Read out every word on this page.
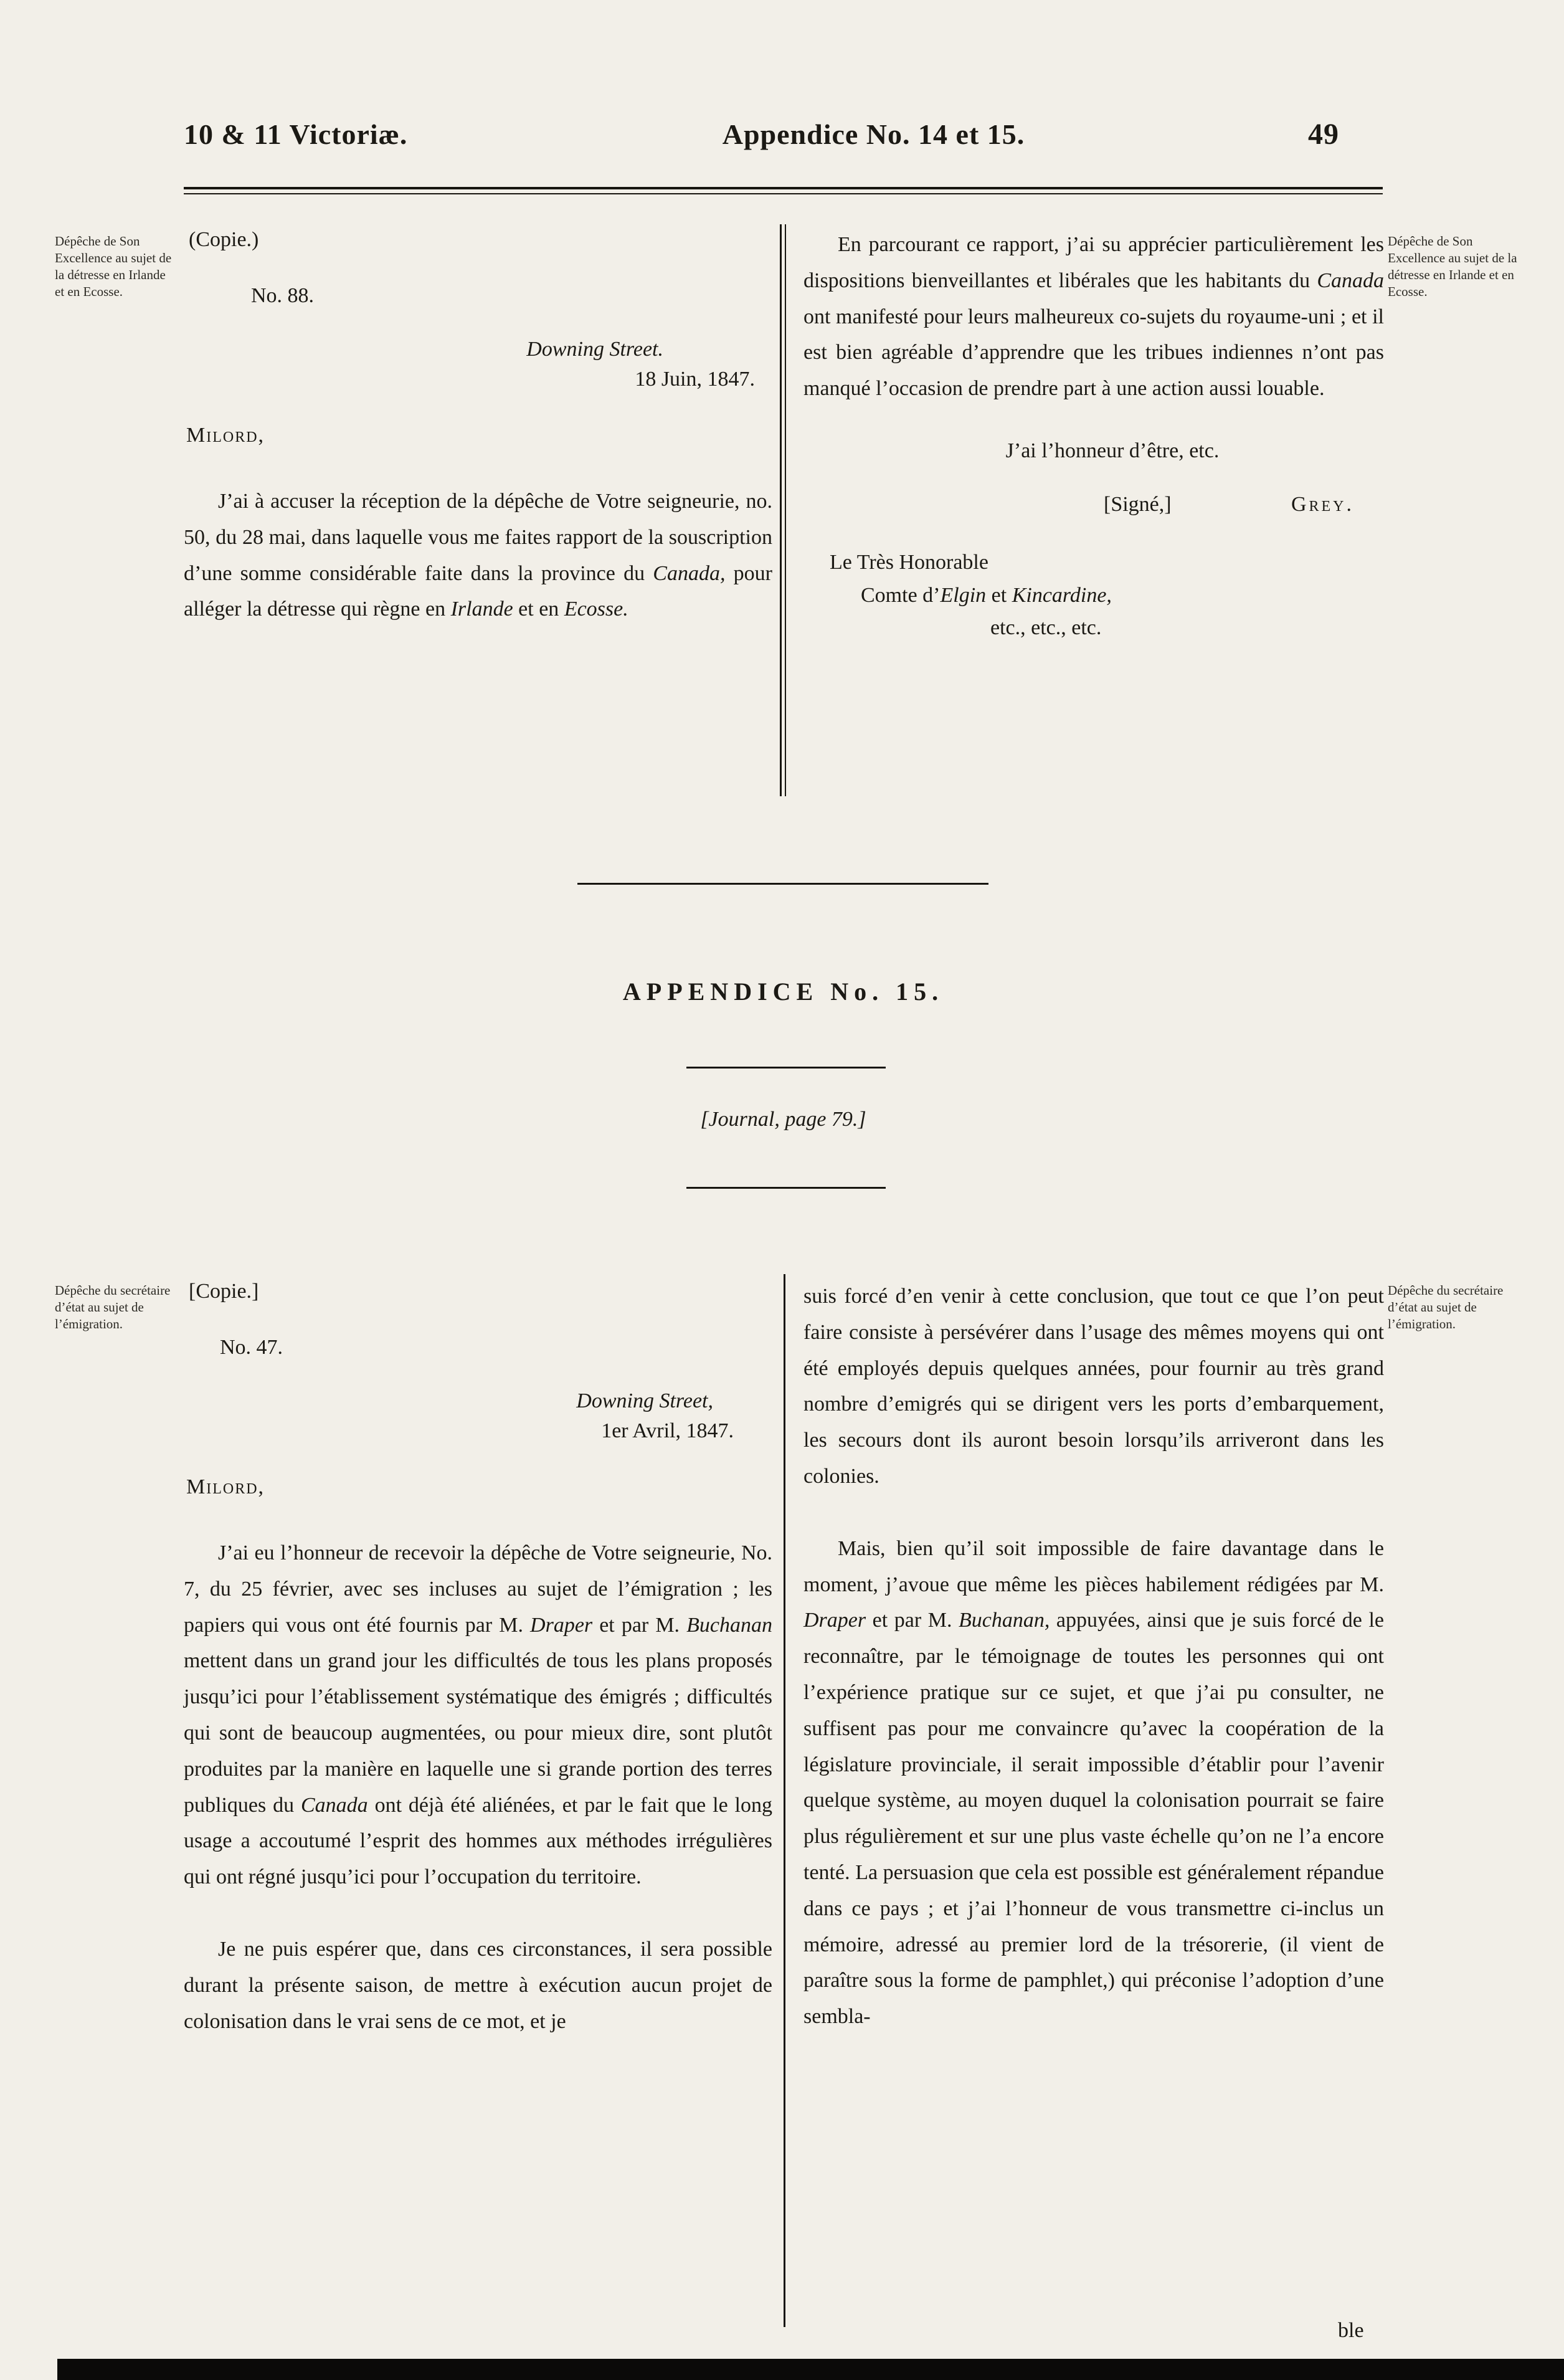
10 & 11 Victoriæ.	Appendice No. 14 et 15.	49
Dépêche de Son Excellence au sujet de la détresse en Irlande et en Ecosse.
(Copie.)
No. 88.
Downing Street.
18 Juin, 1847.
Milord,
J’ai à accuser la réception de la dépêche de Votre seigneurie, no. 50, du 28 mai, dans laquelle vous me faites rapport de la souscription d’une somme considérable faite dans la province du Canada, pour alléger la détresse qui règne en Irlande et en Ecosse.
En parcourant ce rapport, j’ai su apprécier particulièrement les dispositions bienveillantes et libérales que les habitants du Canada ont manifesté pour leurs malheureux co-sujets du royaume-uni ; et il est bien agréable d’apprendre que les tribues indiennes n’ont pas manqué l’occasion de prendre part à une action aussi louable.
J’ai l’honneur d’être, etc.
[Signé,]	Grey.
Le Très Honorable
Comte d’Elgin et Kincardine,
etc., etc., etc.
Dépêche de Son Excellence au sujet de la détresse en Irlande et en Ecosse.
APPENDICE No. 15.
[Journal, page 79.]
Dépêche du secrétaire d’état au sujet de l’émigration.
[Copie.]
No. 47.
Downing Street,
1er Avril, 1847.
Milord,
J’ai eu l’honneur de recevoir la dépêche de Votre seigneurie, No. 7, du 25 février, avec ses incluses au sujet de l’émigration ; les papiers qui vous ont été fournis par M. Draper et par M. Buchanan mettent dans un grand jour les difficultés de tous les plans proposés jusqu’ici pour l’établissement systématique des émigrés ; difficultés qui sont de beaucoup augmentées, ou pour mieux dire, sont plutôt produites par la manière en laquelle une si grande portion des terres publiques du Canada ont déjà été aliénées, et par le fait que le long usage a accoutumé l’esprit des hommes aux méthodes irrégulières qui ont régné jusqu’ici pour l’occupation du territoire.
Je ne puis espérer que, dans ces circonstances, il sera possible durant la présente saison, de mettre à exécution aucun projet de colonisation dans le vrai sens de ce mot, et je
suis forcé d’en venir à cette conclusion, que tout ce que l’on peut faire consiste à persévérer dans l’usage des mêmes moyens qui ont été employés depuis quelques années, pour fournir au très grand nombre d’emigrés qui se dirigent vers les ports d’embarquement, les secours dont ils auront besoin lorsqu’ils arriveront dans les colonies.
Mais, bien qu’il soit impossible de faire davantage dans le moment, j’avoue que même les pièces habilement rédigées par M. Draper et par M. Buchanan, appuyées, ainsi que je suis forcé de le reconnaître, par le témoignage de toutes les personnes qui ont l’expérience pratique sur ce sujet, et que j’ai pu consulter, ne suffisent pas pour me convaincre qu’avec la coopération de la législature provinciale, il serait impossible d’établir pour l’avenir quelque système, au moyen duquel la colonisation pourrait se faire plus régulièrement et sur une plus vaste échelle qu’on ne l’a encore tenté. La persuasion que cela est possible est généralement répandue dans ce pays ; et j’ai l’honneur de vous transmettre ci-inclus un mémoire, adressé au premier lord de la trésorerie, (il vient de paraître sous la forme de pamphlet,) qui préconise l’adoption d’une sembla-
Dépêche du secrétaire d’état au sujet de l’émigration.
ble
